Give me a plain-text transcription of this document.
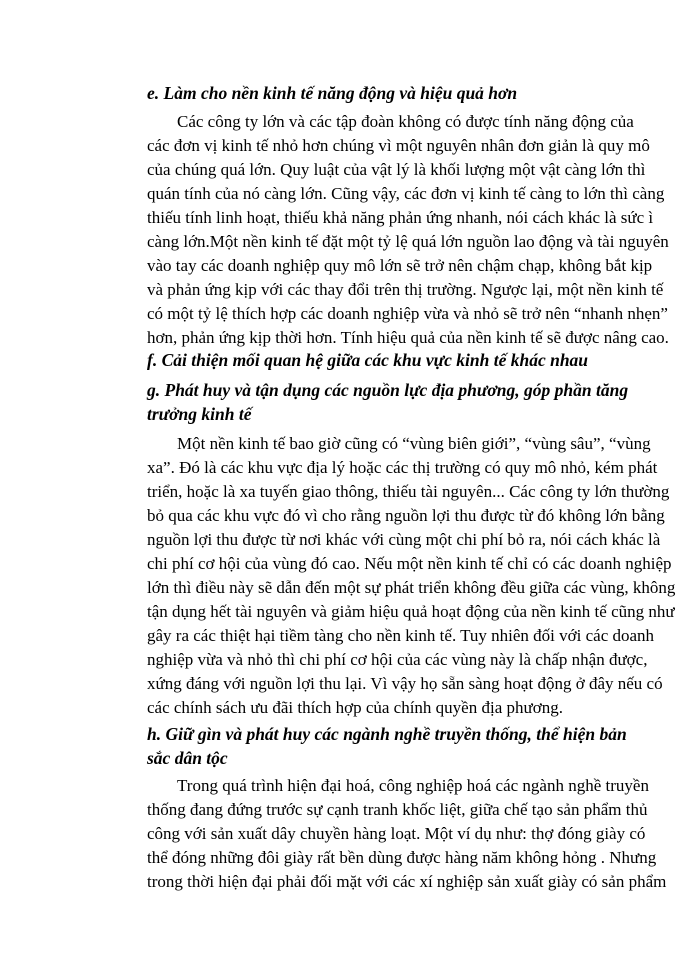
e. Làm cho nền kinh tế năng động và hiệu quả hơn
Các công ty lớn và các tập đoàn không có được tính năng động của
các đơn vị kinh tế nhỏ hơn chúng vì một nguyên nhân đơn giản là quy mô
của chúng quá lớn. Quy luật của vật lý là khối lượng một vật càng lớn thì
quán tính của nó càng lớn. Cũng vậy, các đơn vị kinh tế càng to lớn thì càng
thiếu tính linh hoạt, thiếu khả năng phản ứng nhanh, nói cách khác là sức ì
càng lớn.Một nền kinh tế đặt một tỷ lệ quá lớn nguồn lao động và tài nguyên
vào tay các doanh nghiệp quy mô lớn sẽ trở nên chậm chạp, không bắt kịp
và phản ứng kịp với các thay đổi trên thị trường. Ngược lại, một nền kinh tế
có một tỷ lệ thích hợp các doanh nghiệp vừa và nhỏ sẽ trở nên “nhanh nhẹn”
hơn, phản ứng kịp thời hơn. Tính hiệu quả của nền kinh tế sẽ được nâng cao.
f. Cải thiện mối quan hệ giữa các khu vực kinh tế khác nhau
g. Phát huy và tận dụng các nguồn lực địa phương, góp phần tăng
trưởng kinh tế
Một nền kinh tế bao giờ cũng có “vùng biên giới”, “vùng sâu”, “vùng
xa”. Đó là các khu vực địa lý hoặc các thị trường có quy mô nhỏ, kém phát
triển, hoặc là xa tuyến giao thông, thiếu tài nguyên... Các công ty lớn thường
bỏ qua các khu vực đó vì cho rằng nguồn lợi thu được từ đó không lớn bằng
nguồn lợi thu được từ nơi khác với cùng một chi phí bỏ ra, nói cách khác là
chi phí cơ hội của vùng đó cao. Nếu một nền kinh tế chỉ có các doanh nghiệp
lớn thì điều này sẽ dẫn đến một sự phát triển không đều giữa các vùng, không
tận dụng hết tài nguyên và giảm hiệu quả hoạt động của nền kinh tế cũng như
gây ra các thiệt hại tiềm tàng cho nền kinh tế. Tuy nhiên đối với các doanh
nghiệp vừa và nhỏ thì chi phí cơ hội của các vùng này là chấp nhận được,
xứng đáng với nguồn lợi thu lại. Vì vậy họ sẵn sàng hoạt động ở đây nếu có
các chính sách ưu đãi thích hợp của chính quyền địa phương.
h. Giữ gìn và phát huy các ngành nghề truyền thống, thể hiện bản
sắc dân tộc
Trong quá trình hiện đại hoá, công nghiệp hoá các ngành nghề truyền
thống đang đứng trước sự cạnh tranh khốc liệt, giữa chế tạo sản phẩm thủ
công với sản xuất dây chuyền hàng loạt. Một ví dụ như: thợ đóng giày có
thể đóng những đôi giày rất bền dùng được hàng năm không hỏng . Nhưng
trong thời hiện đại phải đối mặt với các xí nghiệp sản xuất giày có sản phẩm
